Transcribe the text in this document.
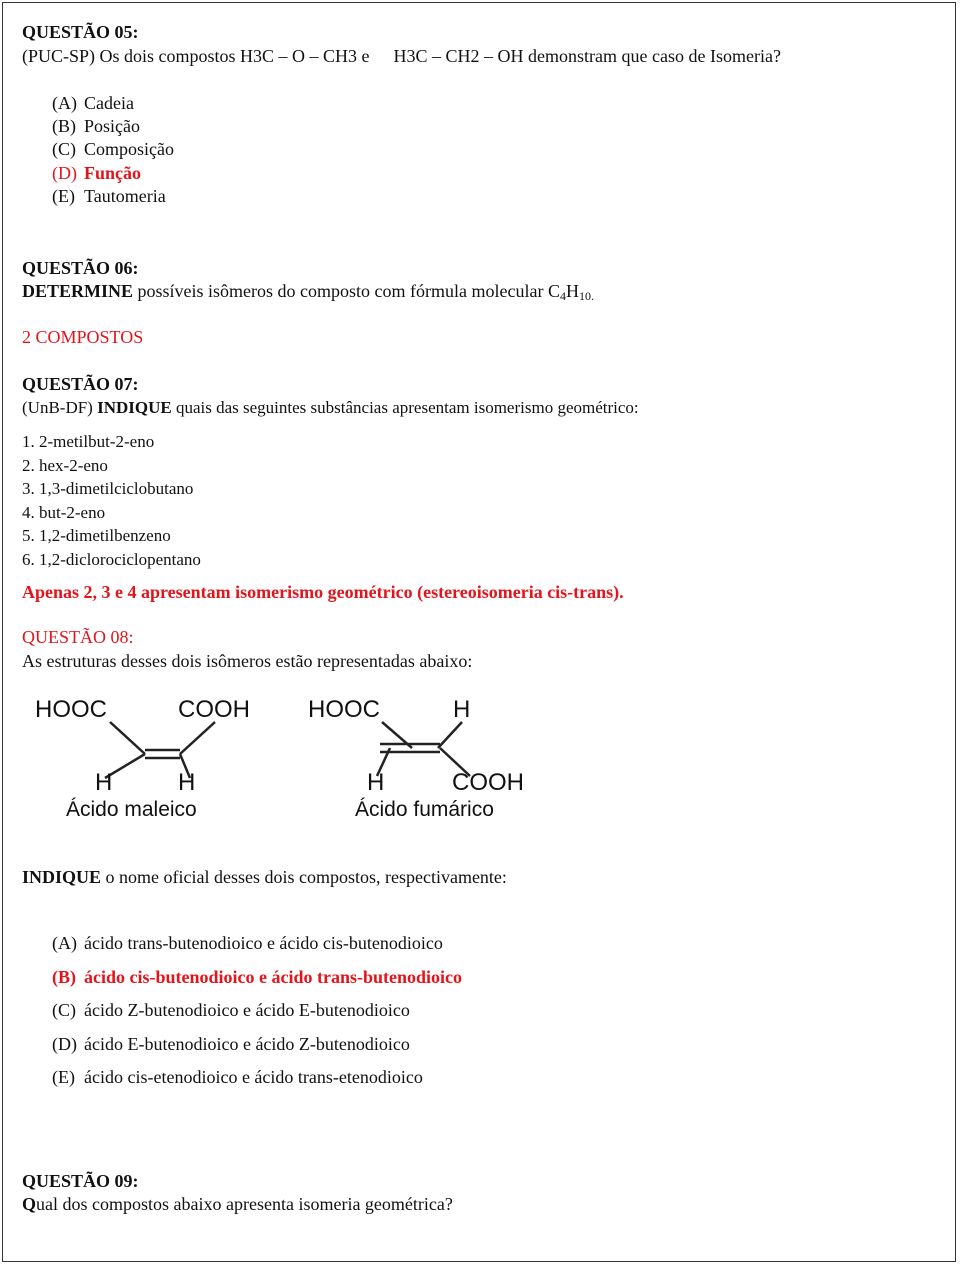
QUESTÃO 05:
(PUC-SP) Os dois compostos H3C – O – CH3 e H3C – CH2 – OH demonstram que caso de Isomeria?
(A) Cadeia
(B) Posição
(C) Composição
(D) Função
(E) Tautomeria
QUESTÃO 06:
DETERMINE possíveis isômeros do composto com fórmula molecular $C_4H_{10.}$
2 COMPOSTOS
QUESTÃO 07:
(UnB-DF) INDIQUE quais das seguintes substâncias apresentam isomerismo geométrico:
1. 2-metilbut-2-eno
2. hex-2-eno
3. 1,3-dimetilciclobutano
4. but-2-eno
5. 1,2-dimetilbenzeno
6. 1,2-diclorociclopentano
Apenas 2, 3 e 4 apresentam isomerismo geométrico (estereoisomeria cis-trans).
QUESTÃO 08:
As estruturas desses dois isômeros estão representadas abaixo:
HOOC	COOH
H	H
Ácido maleico
HOOC	H
H	COOH
Ácido fumárico
INDIQUE o nome oficial desses dois compostos, respectivamente:
(A) ácido trans-butenodioico e ácido cis-butenodioico
(B) ácido cis-butenodioico e ácido trans-butenodioico
(C) ácido Z-butenodioico e ácido E-butenodioico
(D) ácido E-butenodioico e ácido Z-butenodioico
(E) ácido cis-etenodioico e ácido trans-etenodioico
QUESTÃO 09:
Qual dos compostos abaixo apresenta isomeria geométrica?
